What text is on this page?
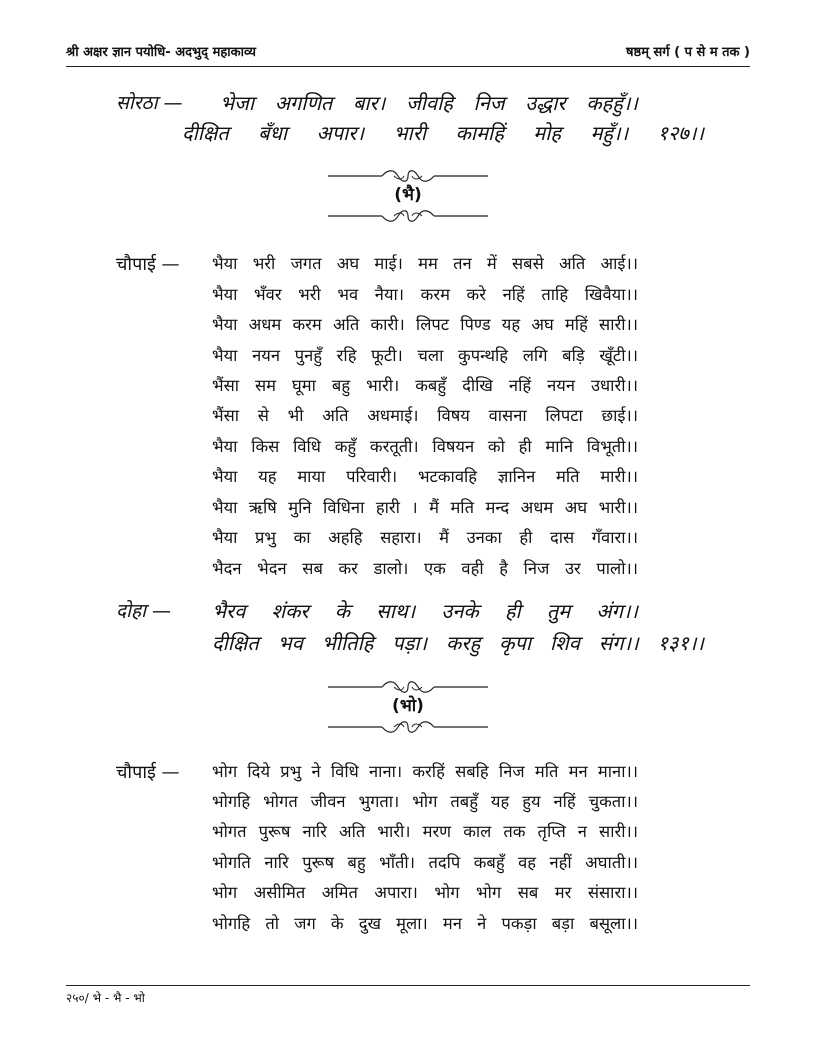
श्री अक्षर ज्ञान पयोधि- अदभुद् महाकाव्य	षष्ठम् सर्ग ( प से म तक )
सोरठा — भेजा अगणित बार। जीवहि निज उद्धार कहहुँ।।
दीक्षित बँधा अपार। भारी कामहिं मोह महुँ।। १२७।।
(भै)
चौपाई — भैया भरी जगत अघ माई। मम तन में सबसे अति आई।।
भैया भँवर भरी भव नैया। करम करे नहिं ताहि खिवैया।।
भैया अधम करम अति कारी। लिपट पिण्ड यह अघ महिं सारी।।
भैया नयन पुनहुँ रहि फूटी। चला कुपन्थहि लगि बड़ि खूँटी।।
भैंसा सम घूमा बहु भारी। कबहुँ दीखि नहिं नयन उधारी।।
भैंसा से भी अति अधमाई। विषय वासना लिपटा छाई।।
भैया किस विधि कहुँ करतूती। विषयन को ही मानि विभूती।।
भैया यह माया परिवारी। भटकावहि ज्ञानिन मति मारी।।
भैया ऋषि मुनि विधिना हारी । मैं मति मन्द अधम अघ भारी।।
भैया प्रभु का अहहि सहारा। मैं उनका ही दास गँवारा।।
भैदन भेदन सब कर डालो। एक वही है निज उर पालो।।
दोहा — भैरव शंकर के साथ। उनके ही तुम अंग।।
दीक्षित भव भीतिहि पड़ा। करहु कृपा शिव संग।। १३१।।
(भो)
चौपाई — भोग दिये प्रभु ने विधि नाना। करहिं सबहि निज मति मन माना।।
भोगहि भोगत जीवन भुगता। भोग तबहुँ यह हुय नहिं चुकता।।
भोगत पुरूष नारि अति भारी। मरण काल तक तृप्ति न सारी।।
भोगति नारि पुरूष बहु भाँती। तदपि कबहुँ वह नहीं अघाती।।
भोग असीमित अमित अपारा। भोग भोग सब मर संसारा।।
भोगहि तो जग के दुख मूला। मन ने पकड़ा बड़ा बसूला।।
२५०/ भे - भै - भो
